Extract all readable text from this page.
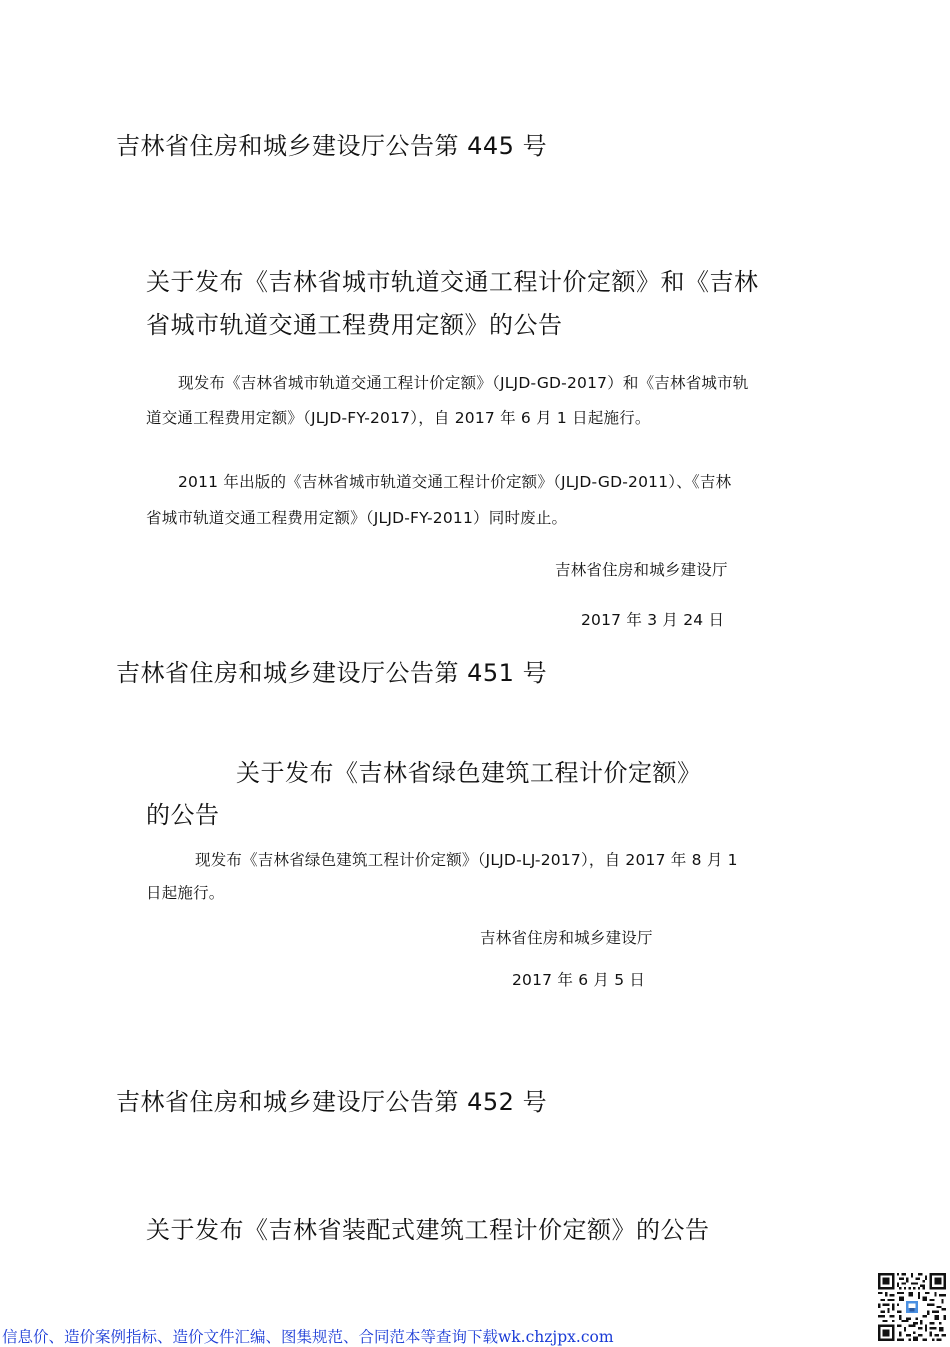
吉林省住房和城乡建设厅公告第 445 号
关于发布《吉林省城市轨道交通工程计价定额》和《吉林
省城市轨道交通工程费用定额》的公告
现发布《吉林省城市轨道交通工程计价定额》（JLJD-GD-2017）和《吉林省城市轨
道交通工程费用定额》（JLJD-FY-2017），自 2017 年 6 月 1 日起施行。
2011 年出版的《吉林省城市轨道交通工程计价定额》（JLJD-GD-2011）、《吉林
省城市轨道交通工程费用定额》（JLJD-FY-2011）同时废止。
吉林省住房和城乡建设厅
2017 年 3 月 24 日
吉林省住房和城乡建设厅公告第 451 号
关于发布《吉林省绿色建筑工程计价定额》
的公告
现发布《吉林省绿色建筑工程计价定额》（JLJD-LJ-2017），自 2017 年 8 月 1
日起施行。
吉林省住房和城乡建设厅
2017 年 6 月 5 日
吉林省住房和城乡建设厅公告第 452 号
关于发布《吉林省装配式建筑工程计价定额》的公告
信息价、造价案例指标、造价文件汇编、图集规范、合同范本等查询下载wk.chzjpx.com
